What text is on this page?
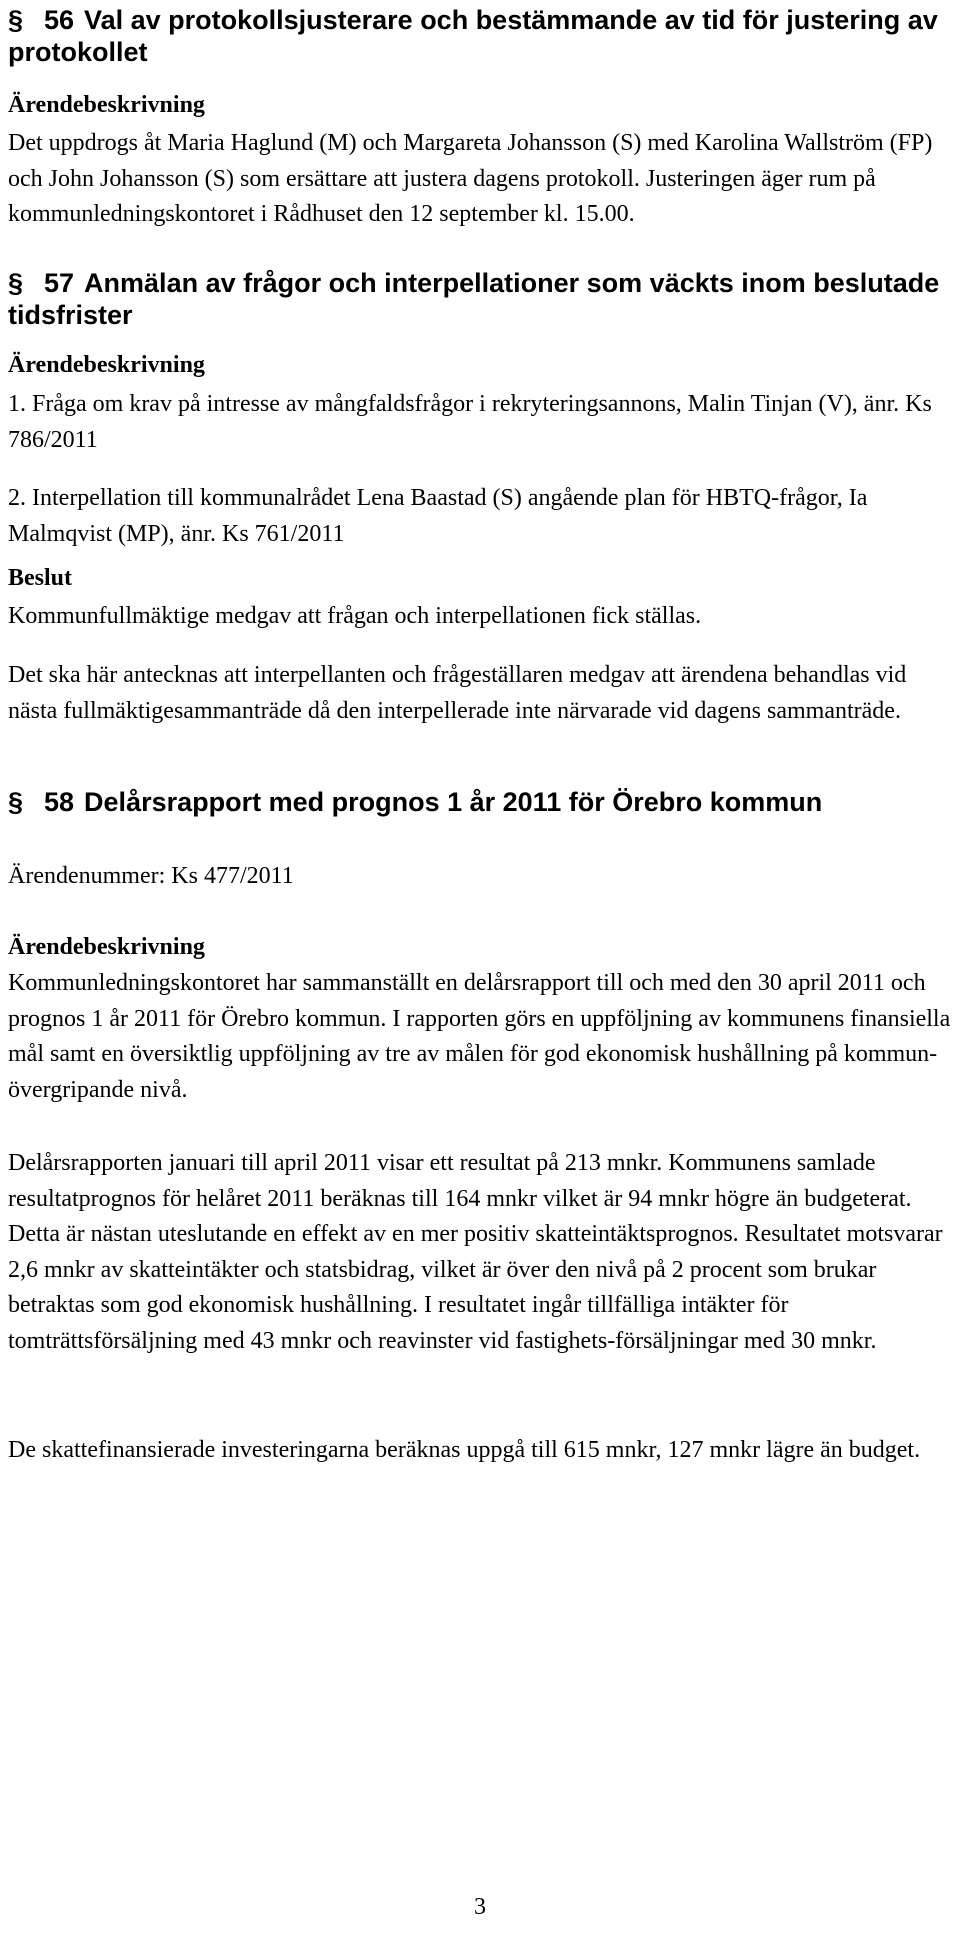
§ 56 Val av protokollsjusterare och bestämmande av tid för justering av protokollet
Ärendebeskrivning

Det uppdrogs åt Maria Haglund (M) och Margareta Johansson (S) med Karolina Wallström (FP) och John Johansson (S) som ersättare att justera dagens protokoll. Justeringen äger rum på kommunledningskontoret i Rådhuset den 12 september kl. 15.00.

§ 57 Anmälan av frågor och interpellationer som väckts inom beslutade tidsfrister
Ärendebeskrivning

1. Fråga om krav på intresse av mångfaldsfrågor i rekryteringsannons, Malin Tinjan (V), änr. Ks 786/2011

2. Interpellation till kommunalrådet Lena Baastad (S) angående plan för HBTQ-frågor, Ia Malmqvist (MP), änr. Ks 761/2011

Beslut

Kommunfullmäktige medgav att frågan och interpellationen fick ställas.

Det ska här antecknas att interpellanten och frågeställaren medgav att ärendena behandlas vid nästa fullmäktigesammanträde då den interpellerade inte närvarade vid dagens sammanträde.

§ 58 Delårsrapport med prognos 1 år 2011 för Örebro kommun

Ärendenummer: Ks 477/2011

Ärendebeskrivning

Kommunledningskontoret har sammanställt en delårsrapport till och med den 30 april 2011 och prognos 1 år 2011 för Örebro kommun. I rapporten görs en uppföljning av kommunens finansiella mål samt en översiktlig uppföljning av tre av målen för god ekonomisk hushållning på kommun-övergripande nivå.

Delårsrapporten januari till april 2011 visar ett resultat på 213 mnkr. Kommunens samlade resultatprognos för helåret 2011 beräknas till 164 mnkr vilket är 94 mnkr högre än budgeterat. Detta är nästan uteslutande en effekt av en mer positiv skatteintäktsprognos. Resultatet motsvarar 2,6 mnkr av skatteintäkter och statsbidrag, vilket är över den nivå på 2 procent som brukar betraktas som god ekonomisk hushållning. I resultatet ingår tillfälliga intäkter för tomträttsförsäljning med 43 mnkr och reavinster vid fastighets-försäljningar med 30 mnkr.

De skattefinansierade investeringarna beräknas uppgå till 615 mnkr, 127 mnkr lägre än budget.

3
